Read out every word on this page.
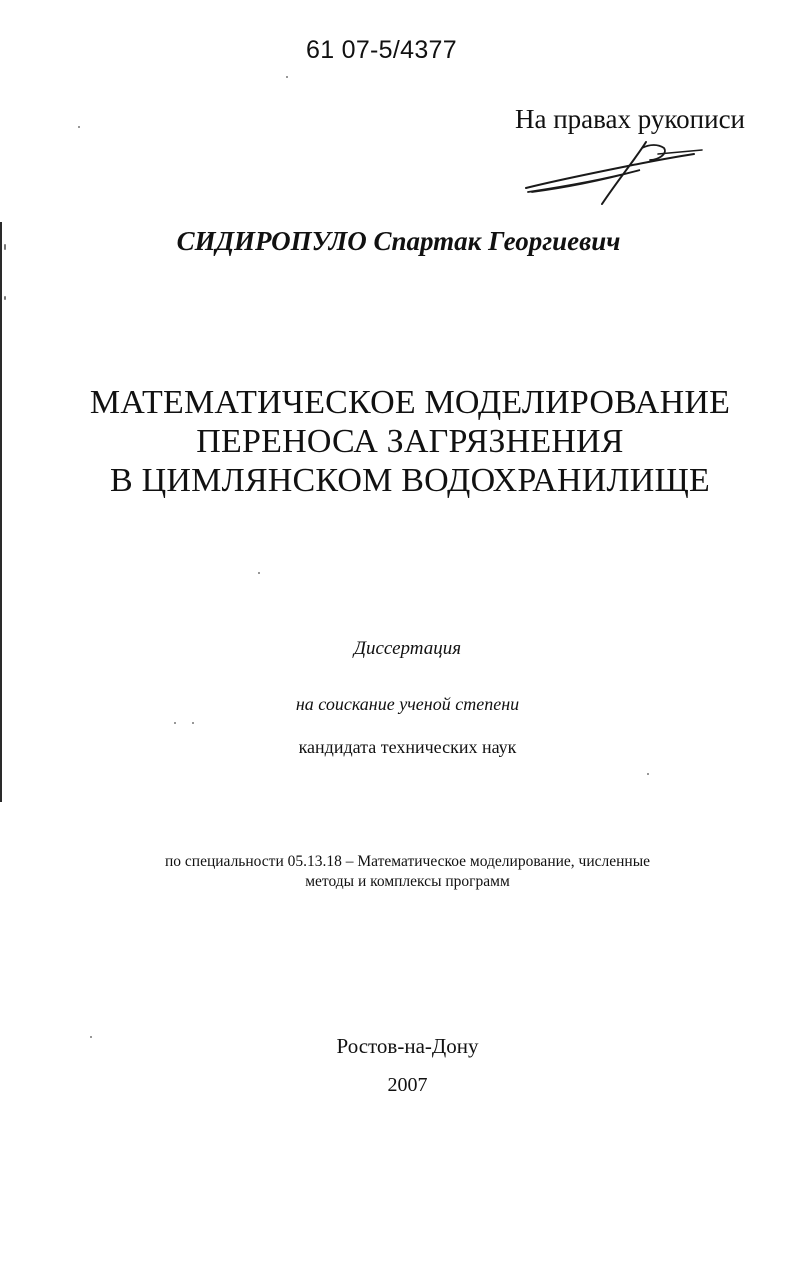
61 07-5/4377
На правах рукописи
СИДИРОПУЛО Спартак Георгиевич
МАТЕМАТИЧЕСКОЕ МОДЕЛИРОВАНИЕ
ПЕРЕНОСА ЗАГРЯЗНЕНИЯ
В ЦИМЛЯНСКОМ ВОДОХРАНИЛИЩЕ
Диссертация
на соискание ученой степени
кандидата технических наук
по специальности 05.13.18 – Математическое моделирование, численные
методы и комплексы программ
Ростов-на-Дону
2007
